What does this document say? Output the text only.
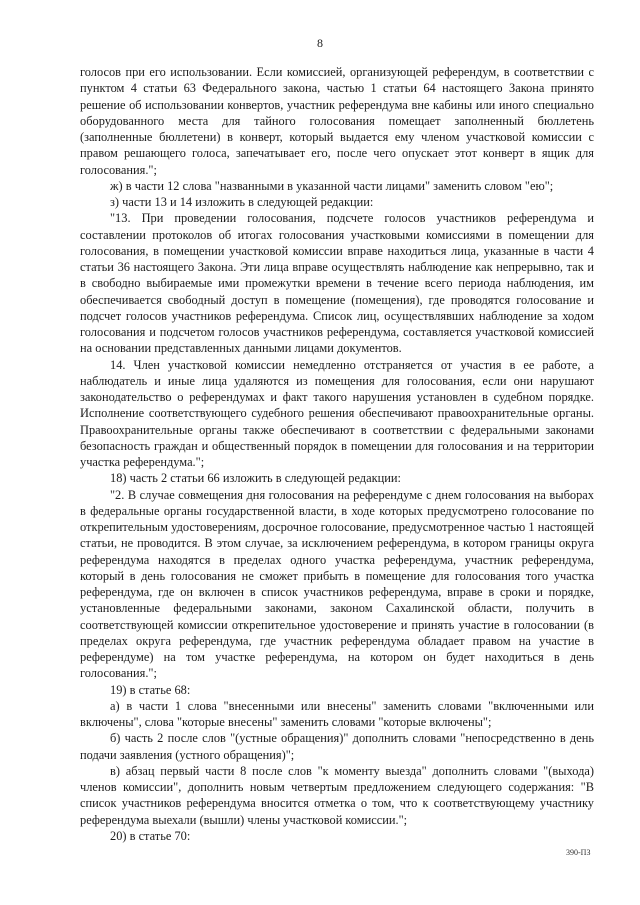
8

голосов при его использовании. Если комиссией, организующей референдум, в соответствии с пунктом 4 статьи 63 Федерального закона, частью 1 статьи 64 настоящего Закона принято решение об использовании конвертов, участник референдума вне кабины или иного специально оборудованного места для тайного голосования помещает заполненный бюллетень (заполненные бюллетени) в конверт, который выдается ему членом участковой комиссии с правом решающего голоса, запечатывает его, после чего опускает этот конверт в ящик для голосования.";

ж) в части 12 слова "названными в указанной части лицами" заменить словом "ею";

з) части 13 и 14 изложить в следующей редакции:

"13. При проведении голосования, подсчете голосов участников референдума и составлении протоколов об итогах голосования участковыми комиссиями в помещении для голосования, в помещении участковой комиссии вправе находиться лица, указанные в части 4 статьи 36 настоящего Закона. Эти лица вправе осуществлять наблюдение как непрерывно, так и в свободно выбираемые ими промежутки времени в течение всего периода наблюдения, им обеспечивается свободный доступ в помещение (помещения), где проводятся голосование и подсчет голосов участников референдума. Список лиц, осуществлявших наблюдение за ходом голосования и подсчетом голосов участников референдума, составляется участковой комиссией на основании представленных данными лицами документов.

14. Член участковой комиссии немедленно отстраняется от участия в ее работе, а наблюдатель и иные лица удаляются из помещения для голосования, если они нарушают законодательство о референдумах и факт такого нарушения установлен в судебном порядке. Исполнение соответствующего судебного решения обеспечивают правоохранительные органы. Правоохранительные органы также обеспечивают в соответствии с федеральными законами безопасность граждан и общественный порядок в помещении для голосования и на территории участка референдума.";

18) часть 2 статьи 66 изложить в следующей редакции:

"2. В случае совмещения дня голосования на референдуме с днем голосования на выборах в федеральные органы государственной власти, в ходе которых предусмотрено голосование по открепительным удостоверениям, досрочное голосование, предусмотренное частью 1 настоящей статьи, не проводится. В этом случае, за исключением референдума, в котором границы округа референдума находятся в пределах одного участка референдума, участник референдума, который в день голосования не сможет прибыть в помещение для голосования того участка референдума, где он включен в список участников референдума, вправе в сроки и порядке, установленные федеральными законами, законом Сахалинской области, получить в соответствующей комиссии открепительное удостоверение и принять участие в голосовании (в пределах округа референдума, где участник референдума обладает правом на участие в референдуме) на том участке референдума, на котором он будет находиться в день голосования.";

19) в статье 68:

а) в части 1 слова "внесенными или внесены" заменить словами "включенными или включены", слова "которые внесены" заменить словами "которые включены";

б) часть 2 после слов "(устные обращения)" дополнить словами "непосредственно в день подачи заявления (устного обращения)";

в) абзац первый части 8 после слов "к моменту выезда" дополнить словами "(выхода) членов комиссии", дополнить новым четвертым предложением следующего содержания: "В список участников референдума вносится отметка о том, что к соответствующему участнику референдума выехали (вышли) члены участковой комиссии.";

20) в статье 70:

390-ПЗ
